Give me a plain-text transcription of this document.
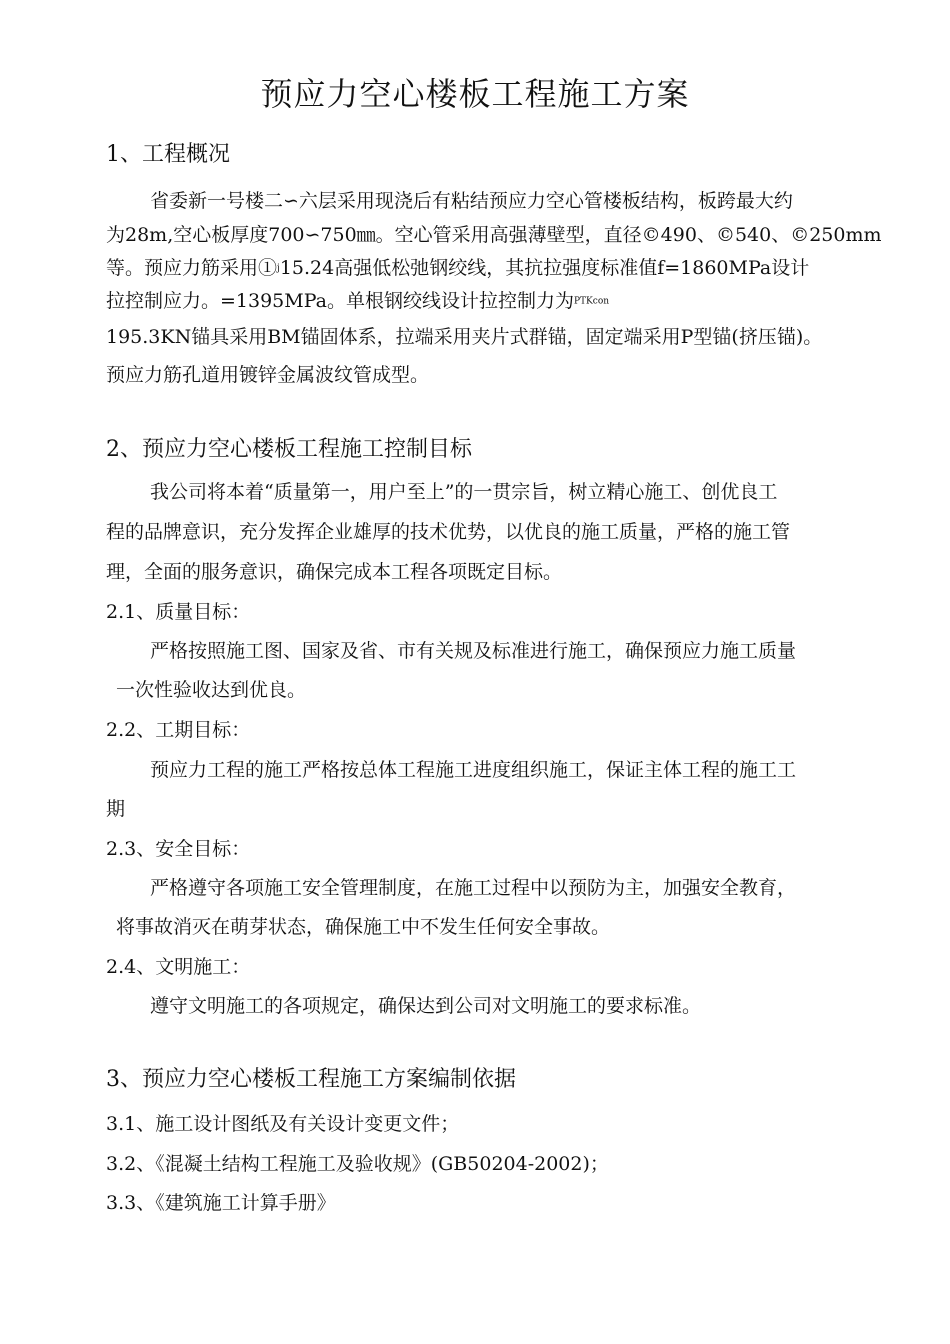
预应力空心楼板工程施工方案
1、工程概况
省委新一号楼二∽六层采用现浇后有粘结预应力空心管楼板结构，板跨最大约
为28m,空心板厚度700∽750㎜。空心管采用高强薄壁型，直径©490、©540、©250mm
等。预应力筋采用①j15.24高强低松弛钢绞线，其抗拉强度标准值f=1860MPa设计
拉控制应力。=1395MPa。单根钢绞线设计拉控制力为PTKcon
195.3KN锚具采用BM锚固体系，拉端采用夹片式群锚，固定端采用P型锚(挤压锚)。
预应力筋孔道用镀锌金属波纹管成型。
2、预应力空心楼板工程施工控制目标
我公司将本着“质量第一，用户至上”的一贯宗旨，树立精心施工、创优良工
程的品牌意识，充分发挥企业雄厚的技术优势，以优良的施工质量，严格的施工管
理，全面的服务意识，确保完成本工程各项既定目标。
2.1、质量目标：
严格按照施工图、国家及省、市有关规及标准进行施工，确保预应力施工质量
一次性验收达到优良。
2.2、工期目标：
预应力工程的施工严格按总体工程施工进度组织施工，保证主体工程的施工工
期
2.3、安全目标：
严格遵守各项施工安全管理制度，在施工过程中以预防为主，加强安全教育，
将事故消灭在萌芽状态，确保施工中不发生任何安全事故。
2.4、文明施工：
遵守文明施工的各项规定，确保达到公司对文明施工的要求标准。
3、预应力空心楼板工程施工方案编制依据
3.1、施工设计图纸及有关设计变更文件；
3.2、《混凝土结构工程施工及验收规》(GB50204-2002)；
3.3、《建筑施工计算手册》
